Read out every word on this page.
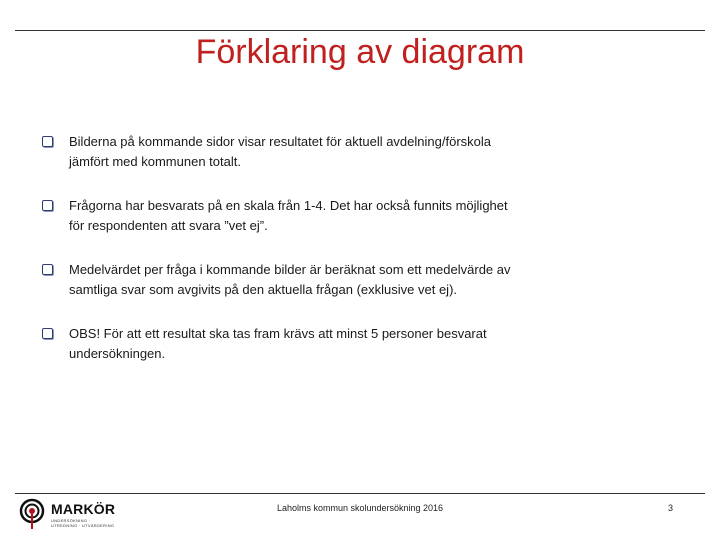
Förklaring av diagram
Bilderna på kommande sidor visar resultatet för aktuell avdelning/förskola
jämfört med kommunen totalt.
Frågorna har besvarats på en skala från 1-4. Det har också funnits möjlighet
för respondenten att svara ”vet ej”.
Medelvärdet per fråga i kommande bilder är beräknat som ett medelvärde av
samtliga svar som avgivits på den aktuella frågan (exklusive vet ej).
OBS! För att ett resultat ska tas fram krävs att minst 5 personer besvarat
undersökningen.
MARKÖR
UNDERSÖKNING · UTREDNING · UTVÄRDERING
Laholms kommun skolundersökning 2016	3
